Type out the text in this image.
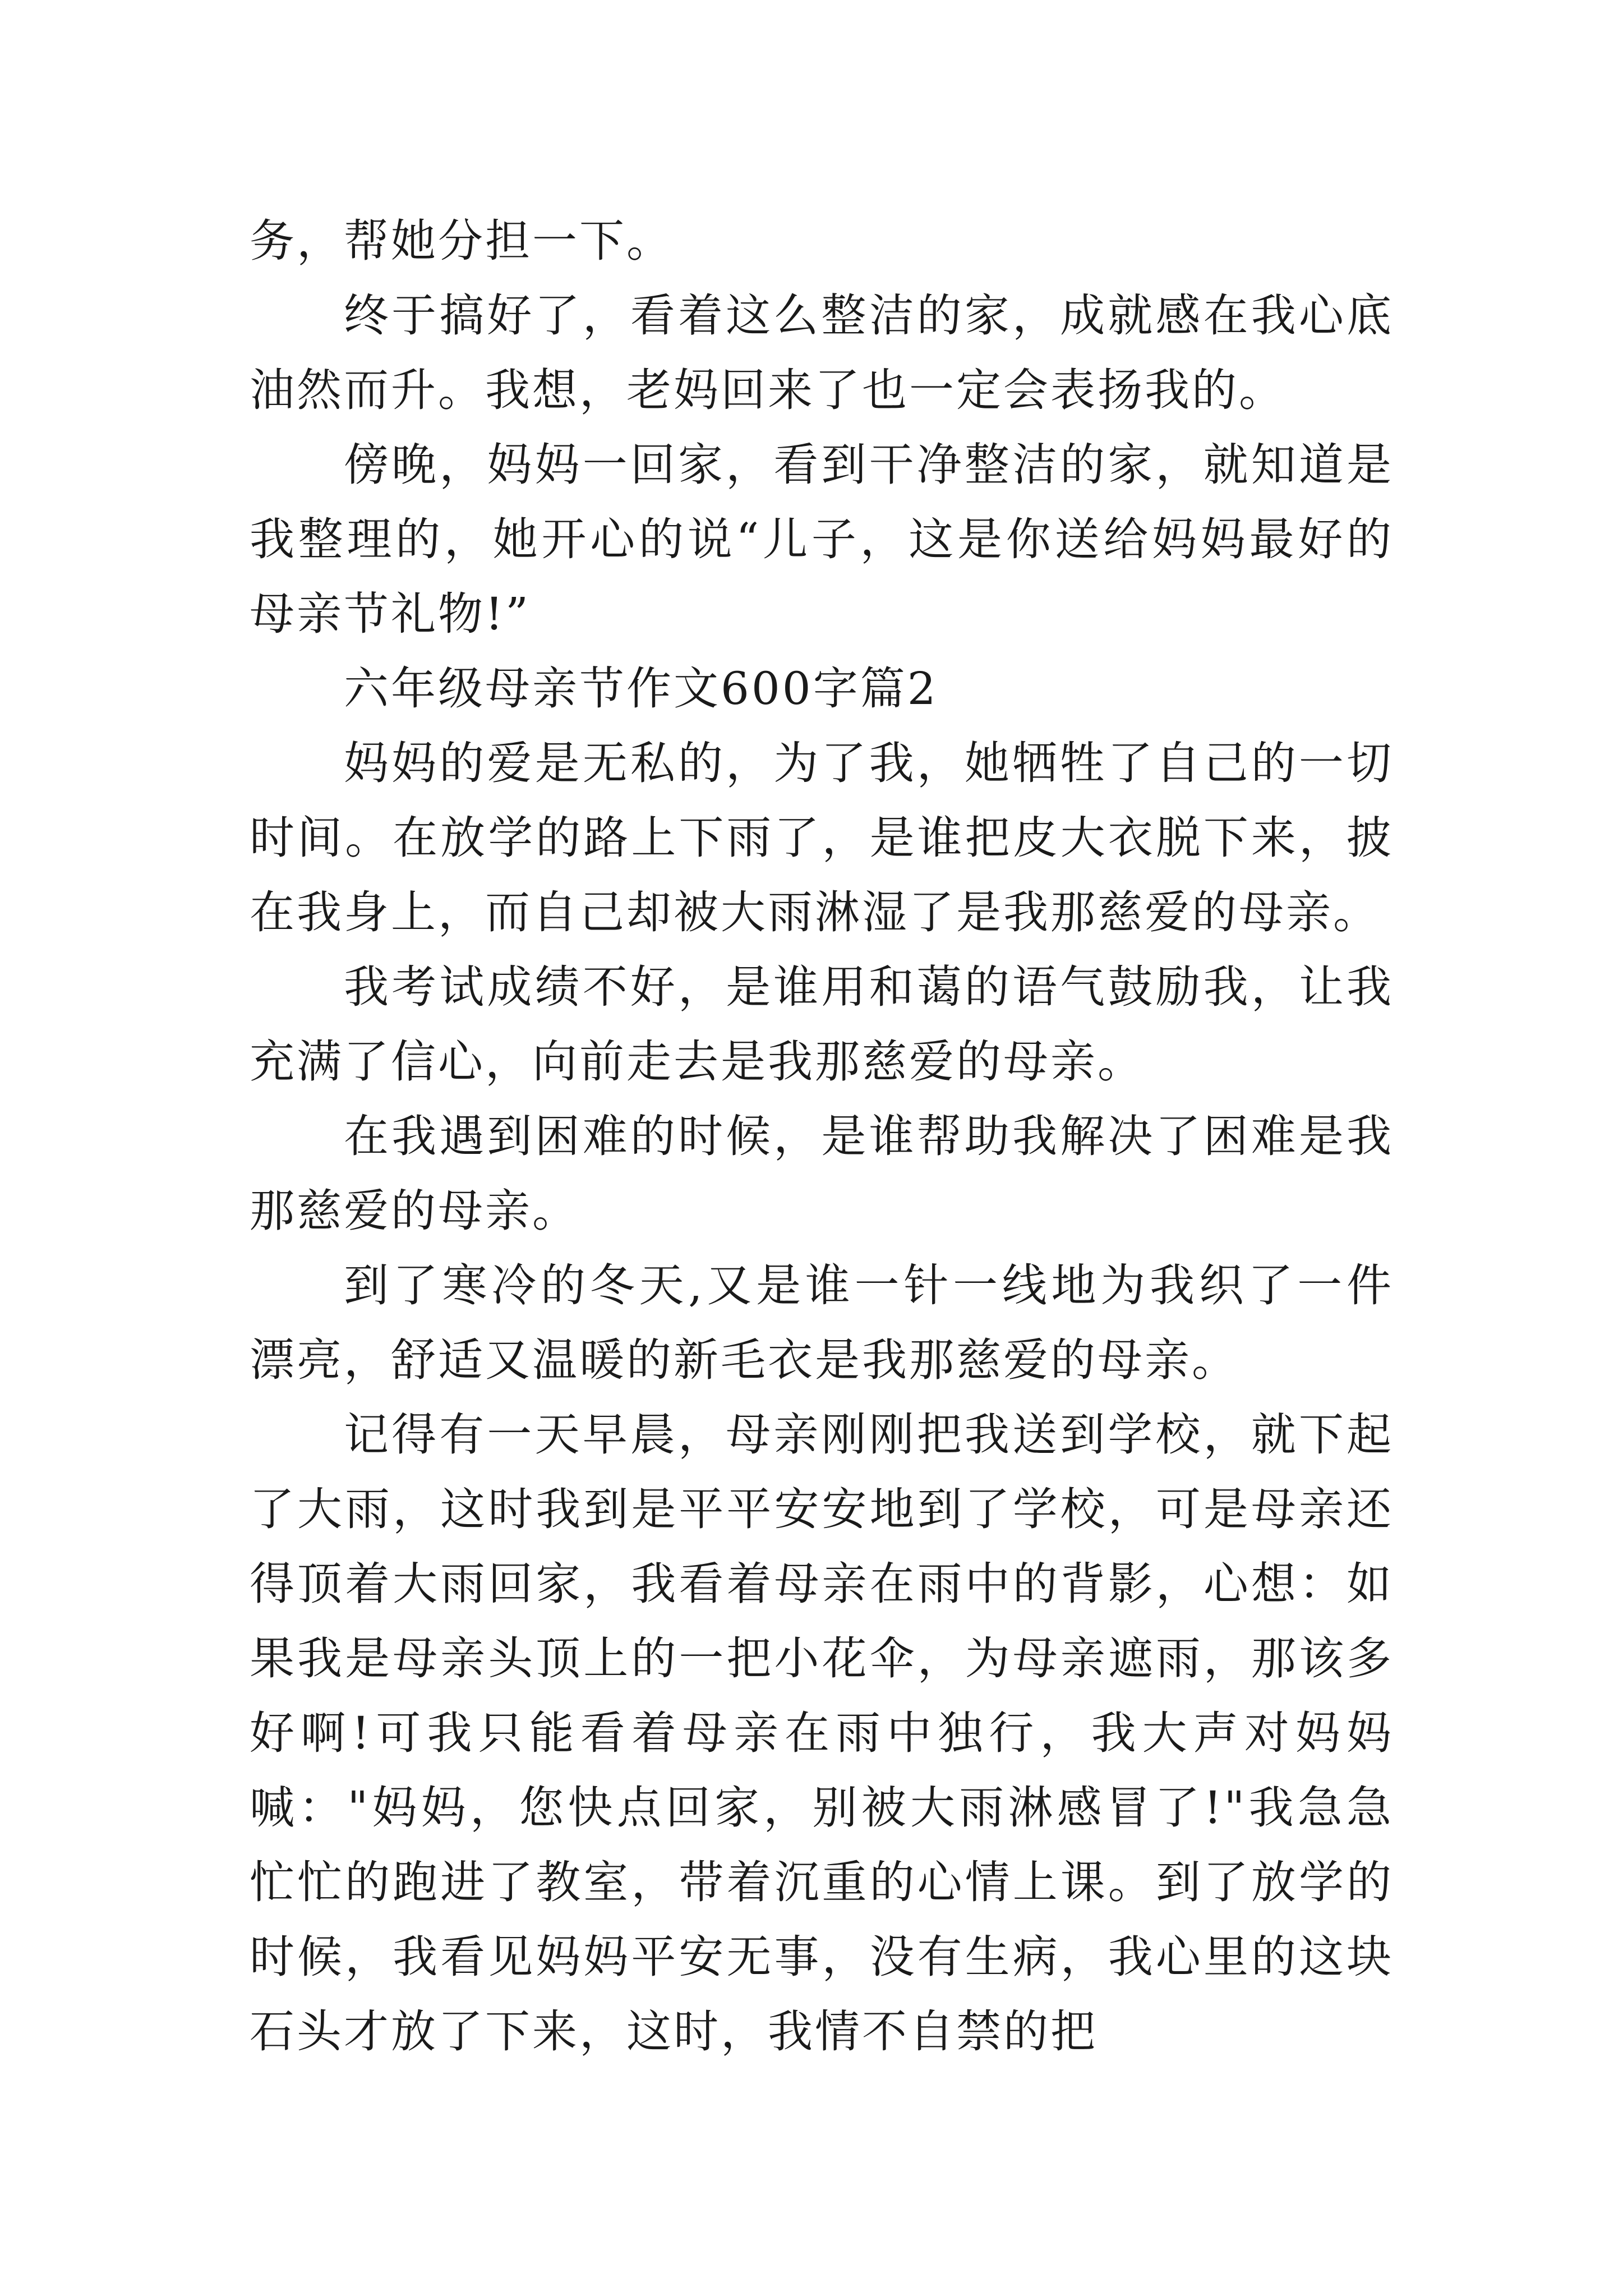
务，帮她分担一下。

终于搞好了，看着这么整洁的家，成就感在我心底油然而升。我想，老妈回来了也一定会表扬我的。

傍晚，妈妈一回家，看到干净整洁的家，就知道是我整理的，她开心的说“儿子，这是你送给妈妈最好的母亲节礼物!”

六年级母亲节作文600字篇2

妈妈的爱是无私的，为了我，她牺牲了自己的一切时间。在放学的路上下雨了，是谁把皮大衣脱下来，披在我身上，而自己却被大雨淋湿了是我那慈爱的母亲。

我考试成绩不好，是谁用和蔼的语气鼓励我，让我充满了信心，向前走去是我那慈爱的母亲。

在我遇到困难的时候，是谁帮助我解决了困难是我那慈爱的母亲。

到了寒冷的冬天,又是谁一针一线地为我织了一件漂亮，舒适又温暖的新毛衣是我那慈爱的母亲。

记得有一天早晨，母亲刚刚把我送到学校，就下起了大雨，这时我到是平平安安地到了学校，可是母亲还得顶着大雨回家，我看着母亲在雨中的背影，心想：如果我是母亲头顶上的一把小花伞，为母亲遮雨，那该多好啊!可我只能看着母亲在雨中独行，我大声对妈妈喊："妈妈，您快点回家，别被大雨淋感冒了!"我急急忙忙的跑进了教室，带着沉重的心情上课。到了放学的时候，我看见妈妈平安无事，没有生病，我心里的这块石头才放了下来，这时，我情不自禁的把
